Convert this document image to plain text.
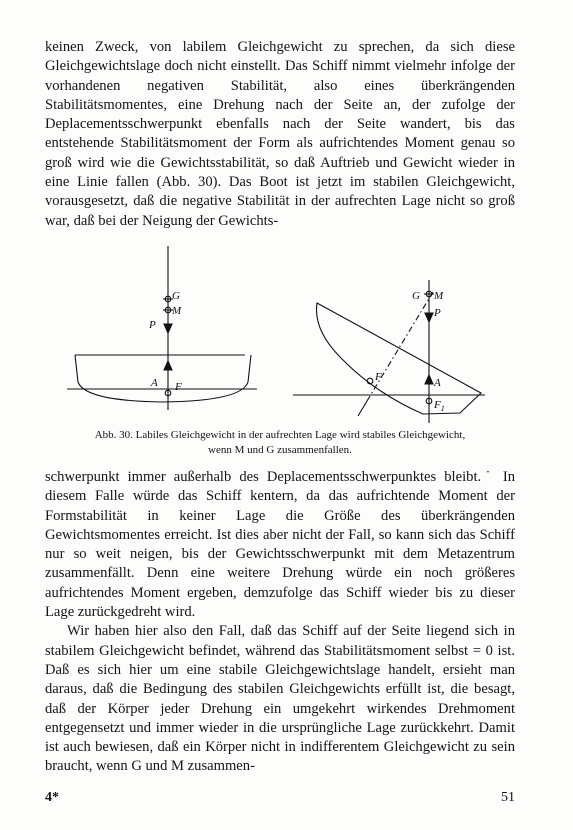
keinen Zweck, von labilem Gleichgewicht zu sprechen, da sich diese Gleichgewichtslage doch nicht einstellt. Das Schiff nimmt vielmehr infolge der vorhandenen negativen Stabilität, also eines überkrängenden Stabilitätsmomentes, eine Drehung nach der Seite an, der zufolge der Deplacementsschwerpunkt ebenfalls nach der Seite wandert, bis das entstehende Stabilitätsmoment der Form als aufrichtendes Moment genau so groß wird wie die Gewichtsstabilität, so daß Auftrieb und Gewicht wieder in eine Linie fallen (Abb. 30). Das Boot ist jetzt im stabilen Gleichgewicht, vorausgesetzt, daß die negative Stabilität in der aufrechten Lage nicht so groß war, daß bei der Neigung der Gewichts-

G
M
P
A F
G M
P
A
F
$F_1$
Abb. 30. Labiles Gleichgewicht in der aufrechten Lage wird stabiles Gleichgewicht,
wenn M und G zusammenfallen.

schwerpunkt immer außerhalb des Deplacementsschwerpunktes bleibt.˙ In diesem Falle würde das Schiff kentern, da das aufrichtende Moment der Formstabilität in keiner Lage die Größe des überkrängenden Gewichtsmomentes erreicht. Ist dies aber nicht der Fall, so kann sich das Schiff nur so weit neigen, bis der Gewichtsschwerpunkt mit dem Metazentrum zusammenfällt. Denn eine weitere Drehung würde ein noch größeres aufrichtendes Moment ergeben, demzufolge das Schiff wieder bis zu dieser Lage zurückgedreht wird.

Wir haben hier also den Fall, daß das Schiff auf der Seite liegend sich in stabilem Gleichgewicht befindet, während das Stabilitätsmoment selbst = 0 ist. Daß es sich hier um eine stabile Gleichgewichtslage handelt, ersieht man daraus, daß die Bedingung des stabilen Gleichgewichts erfüllt ist, die besagt, daß der Körper jeder Drehung ein umgekehrt wirkendes Drehmoment entgegensetzt und immer wieder in die ursprüngliche Lage zurückkehrt. Damit ist auch bewiesen, daß ein Körper nicht in indifferentem Gleichgewicht zu sein braucht, wenn G und M zusammen-

4*	51
